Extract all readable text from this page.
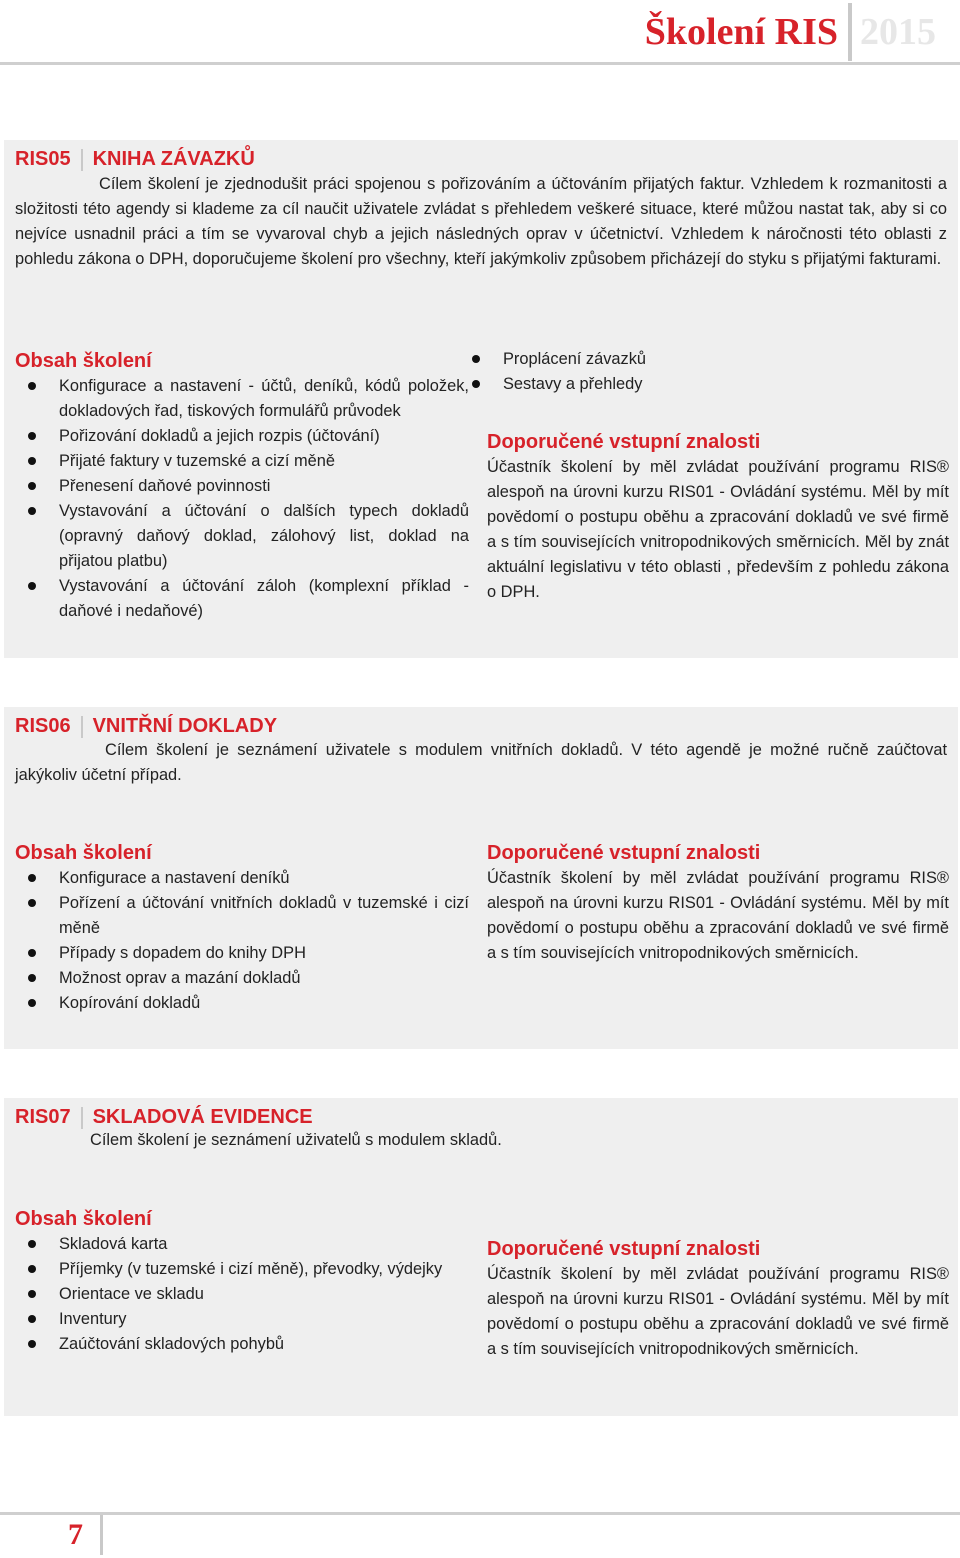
Školení RIS 2015
RIS05 KNIHA ZÁVAZKŮ

Cílem školení je zjednodušit práci spojenou s pořizováním a účtováním přijatých faktur. Vzhledem k rozmanitosti a složitosti této agendy si klademe za cíl naučit uživatele zvládat s přehledem veškeré situace, které můžou nastat tak, aby si co nejvíce usnadnil práci a tím se vyvaroval chyb a jejich následných oprav v účetnictví. Vzhledem k náročnosti této oblasti z pohledu zákona o DPH, doporučujeme školení pro všechny, kteří jakýmkoliv způsobem přicházejí do styku s přijatými fakturami.

Obsah školení
Konfigurace a nastavení - účtů, deníků, kódů položek, dokladových řad, tiskových formulářů průvodek
Pořizování dokladů a jejich rozpis (účtování)
Přijaté faktury v tuzemské a cizí měně
Přenesení daňové povinnosti
Vystavování a účtování o dalších typech dokladů (opravný daňový doklad, zálohový list, doklad na přijatou platbu)
Vystavování a účtování záloh (komplexní příklad - daňové i nedaňové)
Proplácení závazků
Sestavy a přehledy
Doporučené vstupní znalosti

Účastník školení by měl zvládat používání programu RIS® alespoň na úrovni kurzu RIS01 - Ovládání systému. Měl by mít povědomí o postupu oběhu a zpracování dokladů ve své firmě a s tím souvisejících vnitropodnikových směrnicích. Měl by znát aktuální legislativu v této oblasti , především z pohledu zákona o DPH.

RIS06 VNITŘNÍ DOKLADY

Cílem školení je seznámení uživatele s modulem vnitřních dokladů. V této agendě je možné ručně zaúčtovat jakýkoliv účetní případ.

Obsah školení
Konfigurace a nastavení deníků
Pořízení a účtování vnitřních dokladů v tuzemské i cizí měně
Případy s dopadem do knihy DPH
Možnost oprav a mazání dokladů
Kopírování dokladů
Doporučené vstupní znalosti

Účastník školení by měl zvládat používání programu RIS® alespoň na úrovni kurzu RIS01 - Ovládání systému. Měl by mít povědomí o postupu oběhu a zpracování dokladů ve své firmě a s tím souvisejících vnitropodnikových směrnicích.

RIS07 SKLADOVÁ EVIDENCE

Cílem školení je seznámení uživatelů s modulem skladů.

Obsah školení
Skladová karta
Příjemky (v tuzemské i cizí měně), převodky, výdejky
Orientace ve skladu
Inventury
Zaúčtování skladových pohybů
Doporučené vstupní znalosti

Účastník školení by měl zvládat používání programu RIS® alespoň na úrovni kurzu RIS01 - Ovládání systému. Měl by mít povědomí o postupu oběhu a zpracování dokladů ve své firmě a s tím souvisejících vnitropodnikových směrnicích.

7
